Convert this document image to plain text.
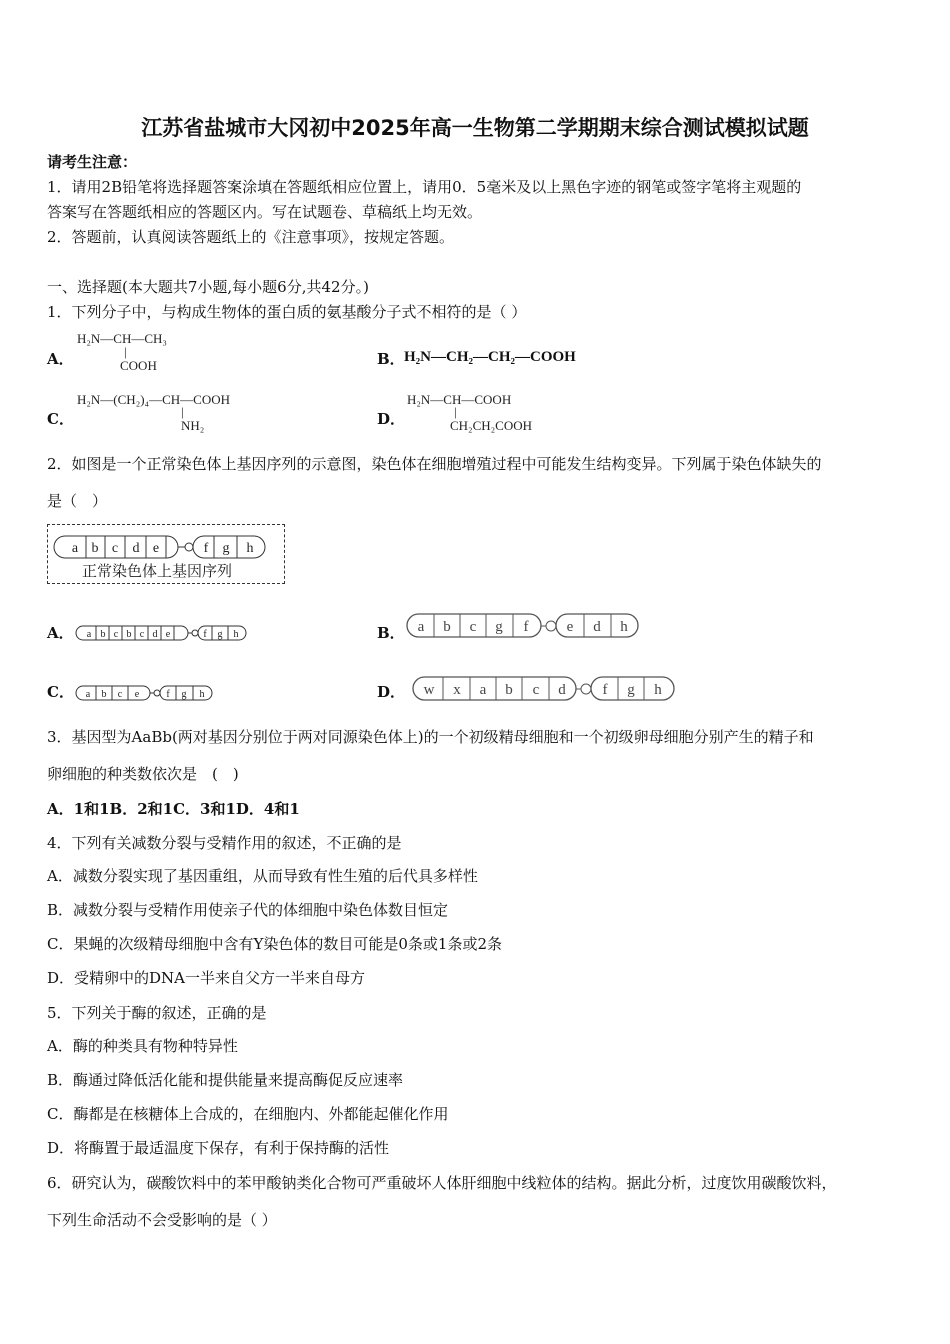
江苏省盐城市大冈初中2025年高一生物第二学期期末综合测试模拟试题
请考生注意：
1．请用2B铅笔将选择题答案涂填在答题纸相应位置上，请用0．5毫米及以上黑色字迹的钢笔或签字笔将主观题的
答案写在答题纸相应的答题区内。写在试题卷、草稿纸上均无效。
2．答题前，认真阅读答题纸上的《注意事项》，按规定答题。
一、选择题(本大题共7小题,每小题6分,共42分。)
1．下列分子中，与构成生物体的蛋白质的氨基酸分子式不相符的是（ ）
A．
H₂N—CH—CH₃
|
COOH	B． H₂N—CH₂—CH₂—COOH
C．
H₂N—(CH₂)₄—CH—COOH
|
NH₂	D．
H₂N—CH—COOH
|
CH₂CH₂COOH
2．如图是一个正常染色体上基因序列的示意图，染色体在细胞增殖过程中可能发生结构变异。下列属于染色体缺失的
是（　）
a b c d e	f g h
正常染色体上基因序列
A． a b c b c d e	f g h	B． a b c g f	e d h
C． a b c e	f g h	D． w x a b c d f g h
3．基因型为AaBb(两对基因分别位于两对同源染色体上)的一个初级精母细胞和一个初级卵母细胞分别产生的精子和
卵细胞的种类数依次是　(　)
A．1和1B．2和1C．3和1D．4和1
4．下列有关减数分裂与受精作用的叙述，不正确的是
A．减数分裂实现了基因重组，从而导致有性生殖的后代具多样性
B．减数分裂与受精作用使亲子代的体细胞中染色体数目恒定
C．果蝇的次级精母细胞中含有Y染色体的数目可能是0条或1条或2条
D．受精卵中的DNA一半来自父方一半来自母方
5．下列关于酶的叙述，正确的是
A．酶的种类具有物种特异性
B．酶通过降低活化能和提供能量来提高酶促反应速率
C．酶都是在核糖体上合成的，在细胞内、外都能起催化作用
D．将酶置于最适温度下保存，有利于保持酶的活性
6．研究认为，碳酸饮料中的苯甲酸钠类化合物可严重破坏人体肝细胞中线粒体的结构。据此分析，过度饮用碳酸饮料，
下列生命活动不会受影响的是（ ）
